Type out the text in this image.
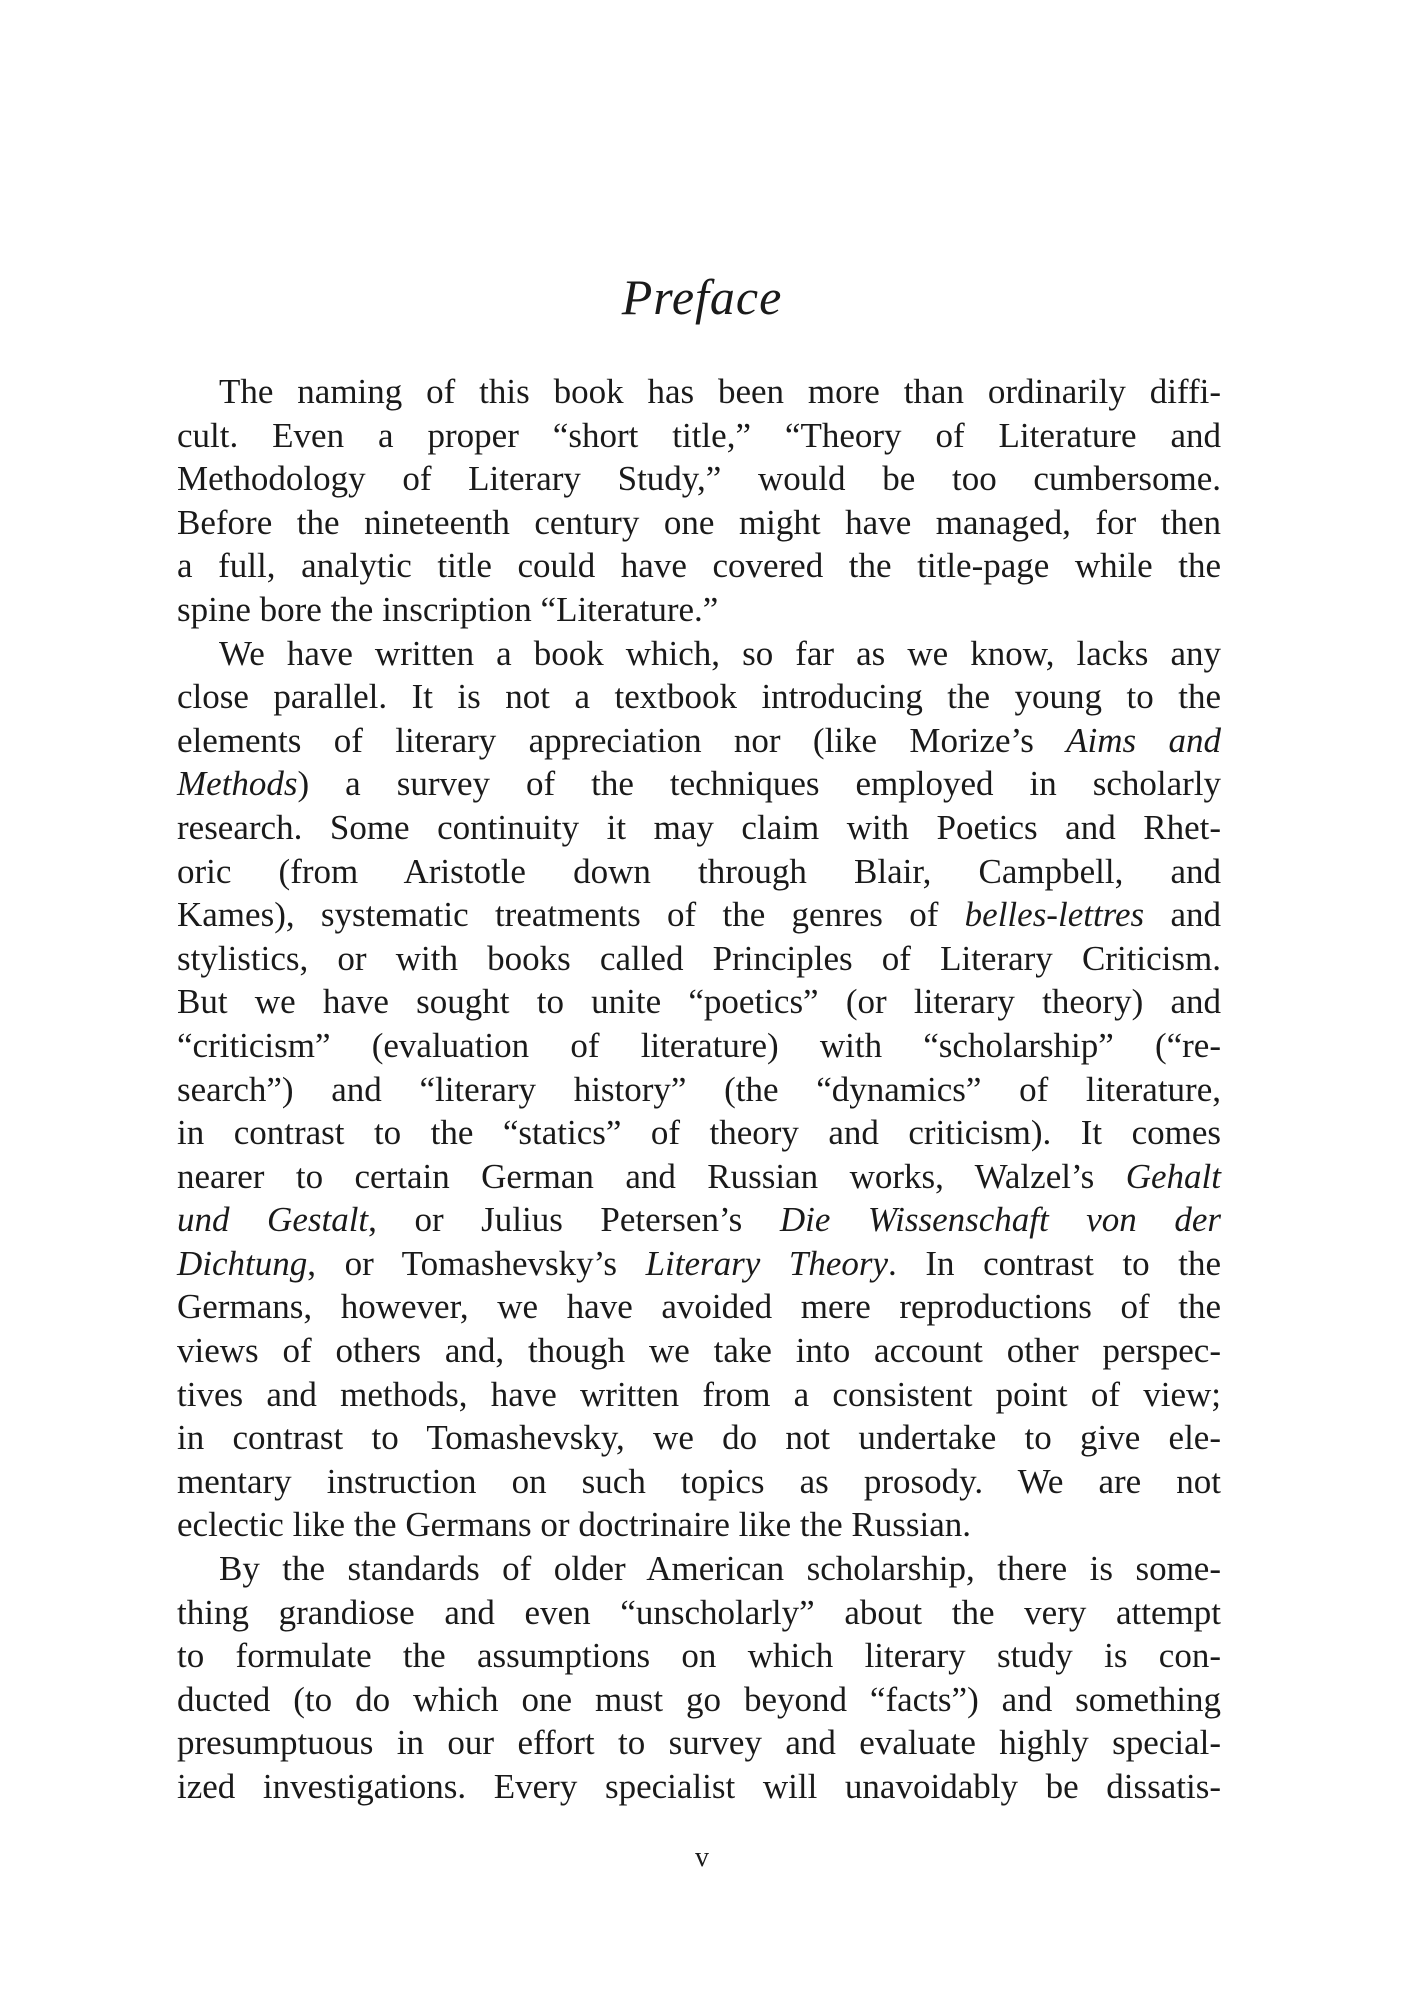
Preface
The naming of this book has been more than ordinarily diffi-
cult. Even a proper “short title,” “Theory of Literature and
Methodology of Literary Study,” would be too cumbersome.
Before the nineteenth century one might have managed, for then
a full, analytic title could have covered the title-page while the
spine bore the inscription “Literature.”
We have written a book which, so far as we know, lacks any
close parallel. It is not a textbook introducing the young to the
elements of literary appreciation nor (like Morize’s Aims and
Methods) a survey of the techniques employed in scholarly
research. Some continuity it may claim with Poetics and Rhet-
oric (from Aristotle down through Blair, Campbell, and
Kames), systematic treatments of the genres of belles-lettres and
stylistics, or with books called Principles of Literary Criticism.
But we have sought to unite “poetics” (or literary theory) and
“criticism” (evaluation of literature) with “scholarship” (“re-
search”) and “literary history” (the “dynamics” of literature,
in contrast to the “statics” of theory and criticism). It comes
nearer to certain German and Russian works, Walzel’s Gehalt
und Gestalt, or Julius Petersen’s Die Wissenschaft von der
Dichtung, or Tomashevsky’s Literary Theory. In contrast to the
Germans, however, we have avoided mere reproductions of the
views of others and, though we take into account other perspec-
tives and methods, have written from a consistent point of view;
in contrast to Tomashevsky, we do not undertake to give ele-
mentary instruction on such topics as prosody. We are not
eclectic like the Germans or doctrinaire like the Russian.
By the standards of older American scholarship, there is some-
thing grandiose and even “unscholarly” about the very attempt
to formulate the assumptions on which literary study is con-
ducted (to do which one must go beyond “facts”) and something
presumptuous in our effort to survey and evaluate highly special-
ized investigations. Every specialist will unavoidably be dissatis-
v
